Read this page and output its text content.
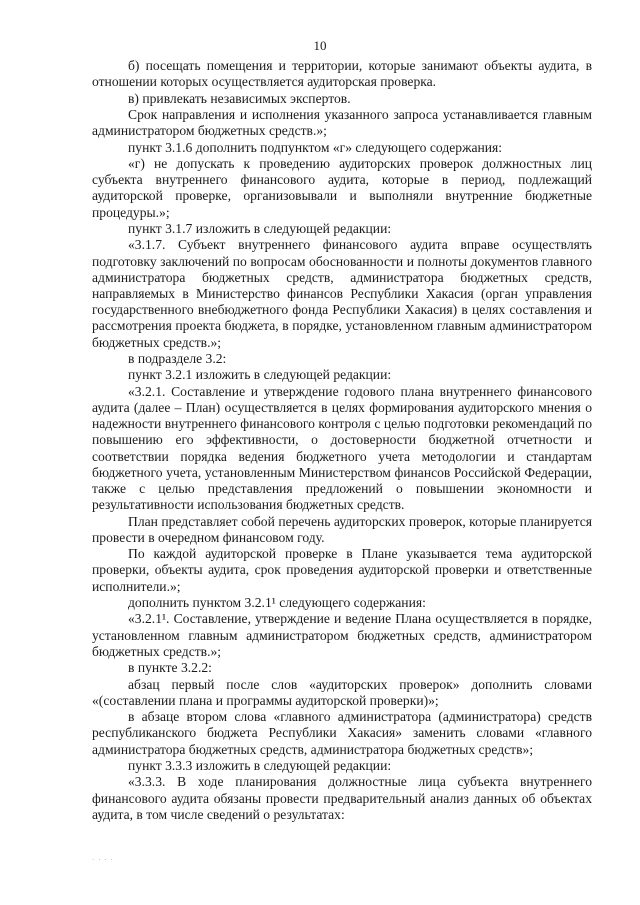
10

б) посещать помещения и территории, которые занимают объекты аудита, в отношении которых осуществляется аудиторская проверка.

в) привлекать независимых экспертов.

Срок направления и исполнения указанного запроса устанавливается главным администратором бюджетных средств.»;

пункт 3.1.6 дополнить подпунктом «г» следующего содержания:

«г) не допускать к проведению аудиторских проверок должностных лиц субъекта внутреннего финансового аудита, которые в период, подлежащий аудиторской проверке, организовывали и выполняли внутренние бюджетные процедуры.»;

пункт 3.1.7 изложить в следующей редакции:

«3.1.7. Субъект внутреннего финансового аудита вправе осуществлять подготовку заключений по вопросам обоснованности и полноты документов главного администратора бюджетных средств, администратора бюджетных средств, направляемых в Министерство финансов Республики Хакасия (орган управления государственного внебюджетного фонда Республики Хакасия) в целях составления и рассмотрения проекта бюджета, в порядке, установленном главным администратором бюджетных средств.»;

в подразделе 3.2:

пункт 3.2.1 изложить в следующей редакции:

«3.2.1. Составление и утверждение годового плана внутреннего финансового аудита (далее – План) осуществляется в целях формирования аудиторского мнения о надежности внутреннего финансового контроля с целью подготовки рекомендаций по повышению его эффективности, о достоверности бюджетной отчетности и соответствии порядка ведения бюджетного учета методологии и стандартам бюджетного учета, установленным Министерством финансов Российской Федерации, также с целью представления предложений о повышении экономности и результативности использования бюджетных средств.

План представляет собой перечень аудиторских проверок, которые планируется провести в очередном финансовом году.

По каждой аудиторской проверке в Плане указывается тема аудиторской проверки, объекты аудита, срок проведения аудиторской проверки и ответственные исполнители.»;

дополнить пунктом 3.2.1¹ следующего содержания:

«3.2.1¹. Составление, утверждение и ведение Плана осуществляется в порядке, установленном главным администратором бюджетных средств, администратором бюджетных средств.»;

в пункте 3.2.2:

абзац первый после слов «аудиторских проверок» дополнить словами «(составлении плана и программы аудиторской проверки)»;

в абзаце втором слова «главного администратора (администратора) средств республиканского бюджета Республики Хакасия» заменить словами «главного администратора бюджетных средств, администратора бюджетных средств»;

пункт 3.3.3 изложить в следующей редакции:

«3.3.3. В ходе планирования должностные лица субъекта внутреннего финансового аудита обязаны провести предварительный анализ данных об объектах аудита, в том числе сведений о результатах:

· · · ·
